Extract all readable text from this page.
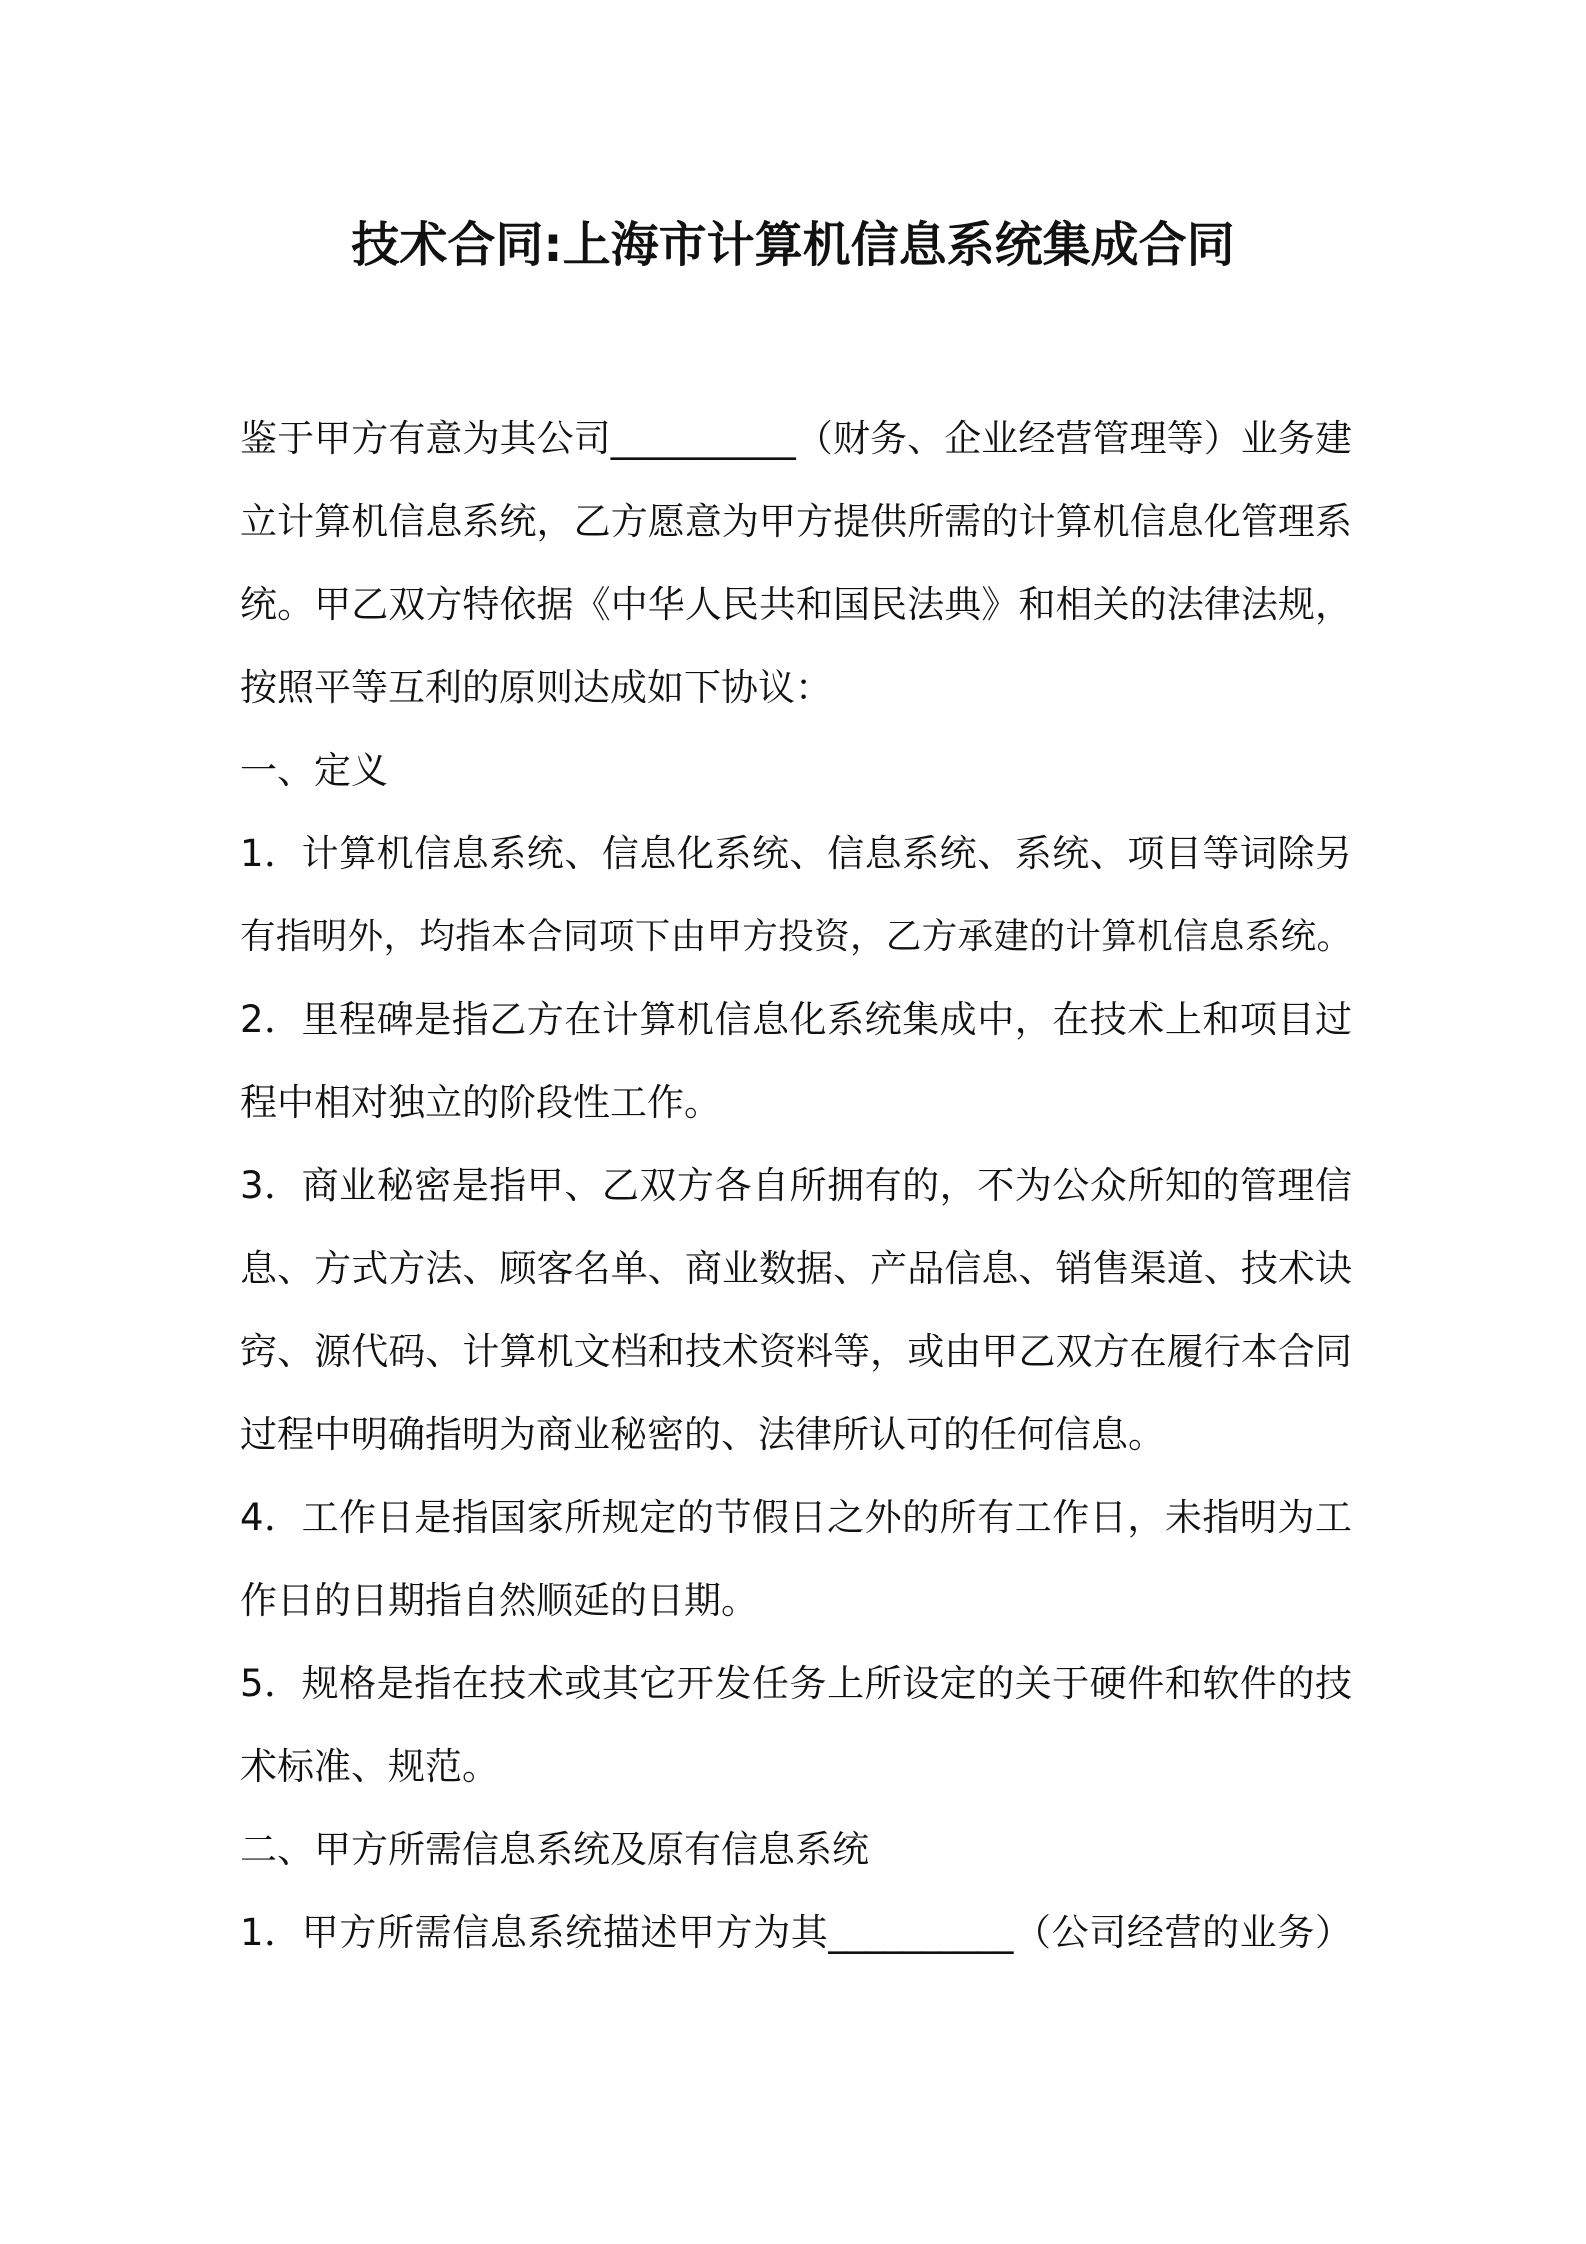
技术合同:上海市计算机信息系统集成合同
鉴于甲方有意为其公司__________（财务、企业经营管理等）业务建
立计算机信息系统，乙方愿意为甲方提供所需的计算机信息化管理系
统。甲乙双方特依据《中华人民共和国民法典》和相关的法律法规，
按照平等互利的原则达成如下协议：
一、定义
1．计算机信息系统、信息化系统、信息系统、系统、项目等词除另
有指明外，均指本合同项下由甲方投资，乙方承建的计算机信息系统。
2．里程碑是指乙方在计算机信息化系统集成中，在技术上和项目过
程中相对独立的阶段性工作。
3．商业秘密是指甲、乙双方各自所拥有的，不为公众所知的管理信
息、方式方法、顾客名单、商业数据、产品信息、销售渠道、技术诀
窍、源代码、计算机文档和技术资料等，或由甲乙双方在履行本合同
过程中明确指明为商业秘密的、法律所认可的任何信息。
4．工作日是指国家所规定的节假日之外的所有工作日，未指明为工
作日的日期指自然顺延的日期。
5．规格是指在技术或其它开发任务上所设定的关于硬件和软件的技
术标准、规范。
二、甲方所需信息系统及原有信息系统
1．甲方所需信息系统描述甲方为其__________（公司经营的业务）
